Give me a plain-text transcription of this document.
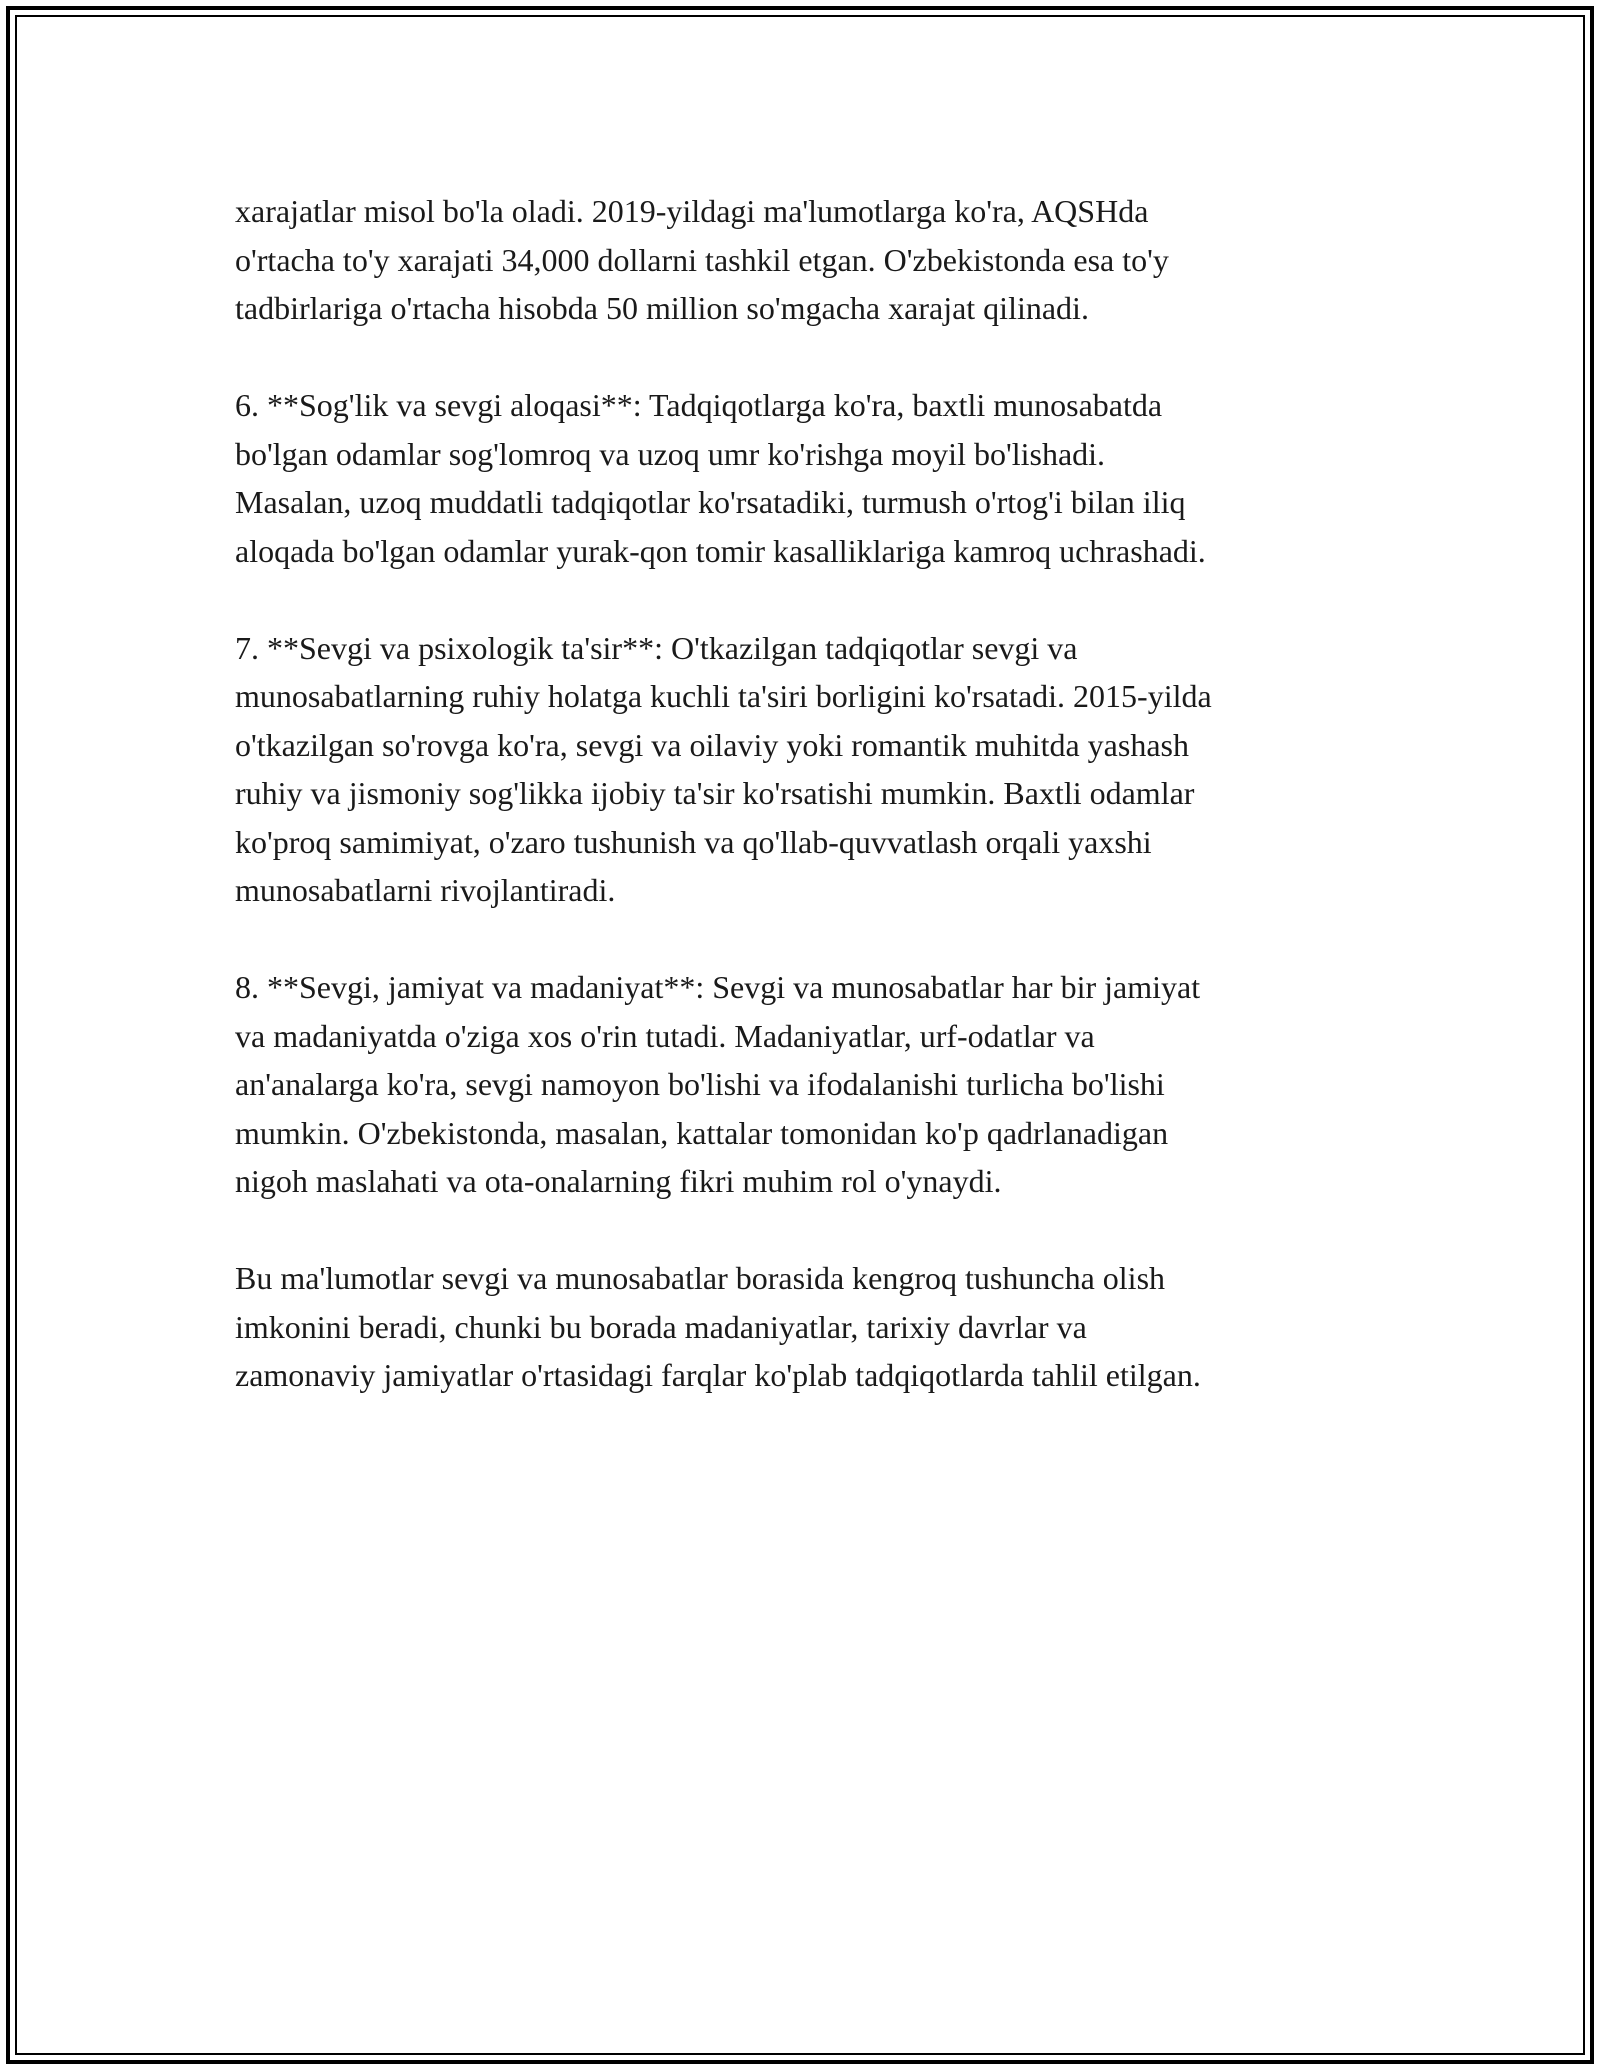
xarajatlar misol bo'la oladi. 2019-yildagi ma'lumotlarga ko'ra, AQSHda
o'rtacha to'y xarajati 34,000 dollarni tashkil etgan. O'zbekistonda esa to'y
tadbirlariga o'rtacha hisobda 50 million so'mgacha xarajat qilinadi.

6. **Sog'lik va sevgi aloqasi**: Tadqiqotlarga ko'ra, baxtli munosabatda
bo'lgan odamlar sog'lomroq va uzoq umr ko'rishga moyil bo'lishadi.
Masalan, uzoq muddatli tadqiqotlar ko'rsatadiki, turmush o'rtog'i bilan iliq
aloqada bo'lgan odamlar yurak-qon tomir kasalliklariga kamroq uchrashadi.

7. **Sevgi va psixologik ta'sir**: O'tkazilgan tadqiqotlar sevgi va
munosabatlarning ruhiy holatga kuchli ta'siri borligini ko'rsatadi. 2015-yilda
o'tkazilgan so'rovga ko'ra, sevgi va oilaviy yoki romantik muhitda yashash
ruhiy va jismoniy sog'likka ijobiy ta'sir ko'rsatishi mumkin. Baxtli odamlar
ko'proq samimiyat, o'zaro tushunish va qo'llab-quvvatlash orqali yaxshi
munosabatlarni rivojlantiradi.

8. **Sevgi, jamiyat va madaniyat**: Sevgi va munosabatlar har bir jamiyat
va madaniyatda o'ziga xos o'rin tutadi. Madaniyatlar, urf-odatlar va
an'analarga ko'ra, sevgi namoyon bo'lishi va ifodalanishi turlicha bo'lishi
mumkin. O'zbekistonda, masalan, kattalar tomonidan ko'p qadrlanadigan
nigoh maslahati va ota-onalarning fikri muhim rol o'ynaydi.

Bu ma'lumotlar sevgi va munosabatlar borasida kengroq tushuncha olish
imkonini beradi, chunki bu borada madaniyatlar, tarixiy davrlar va
zamonaviy jamiyatlar o'rtasidagi farqlar ko'plab tadqiqotlarda tahlil etilgan.
